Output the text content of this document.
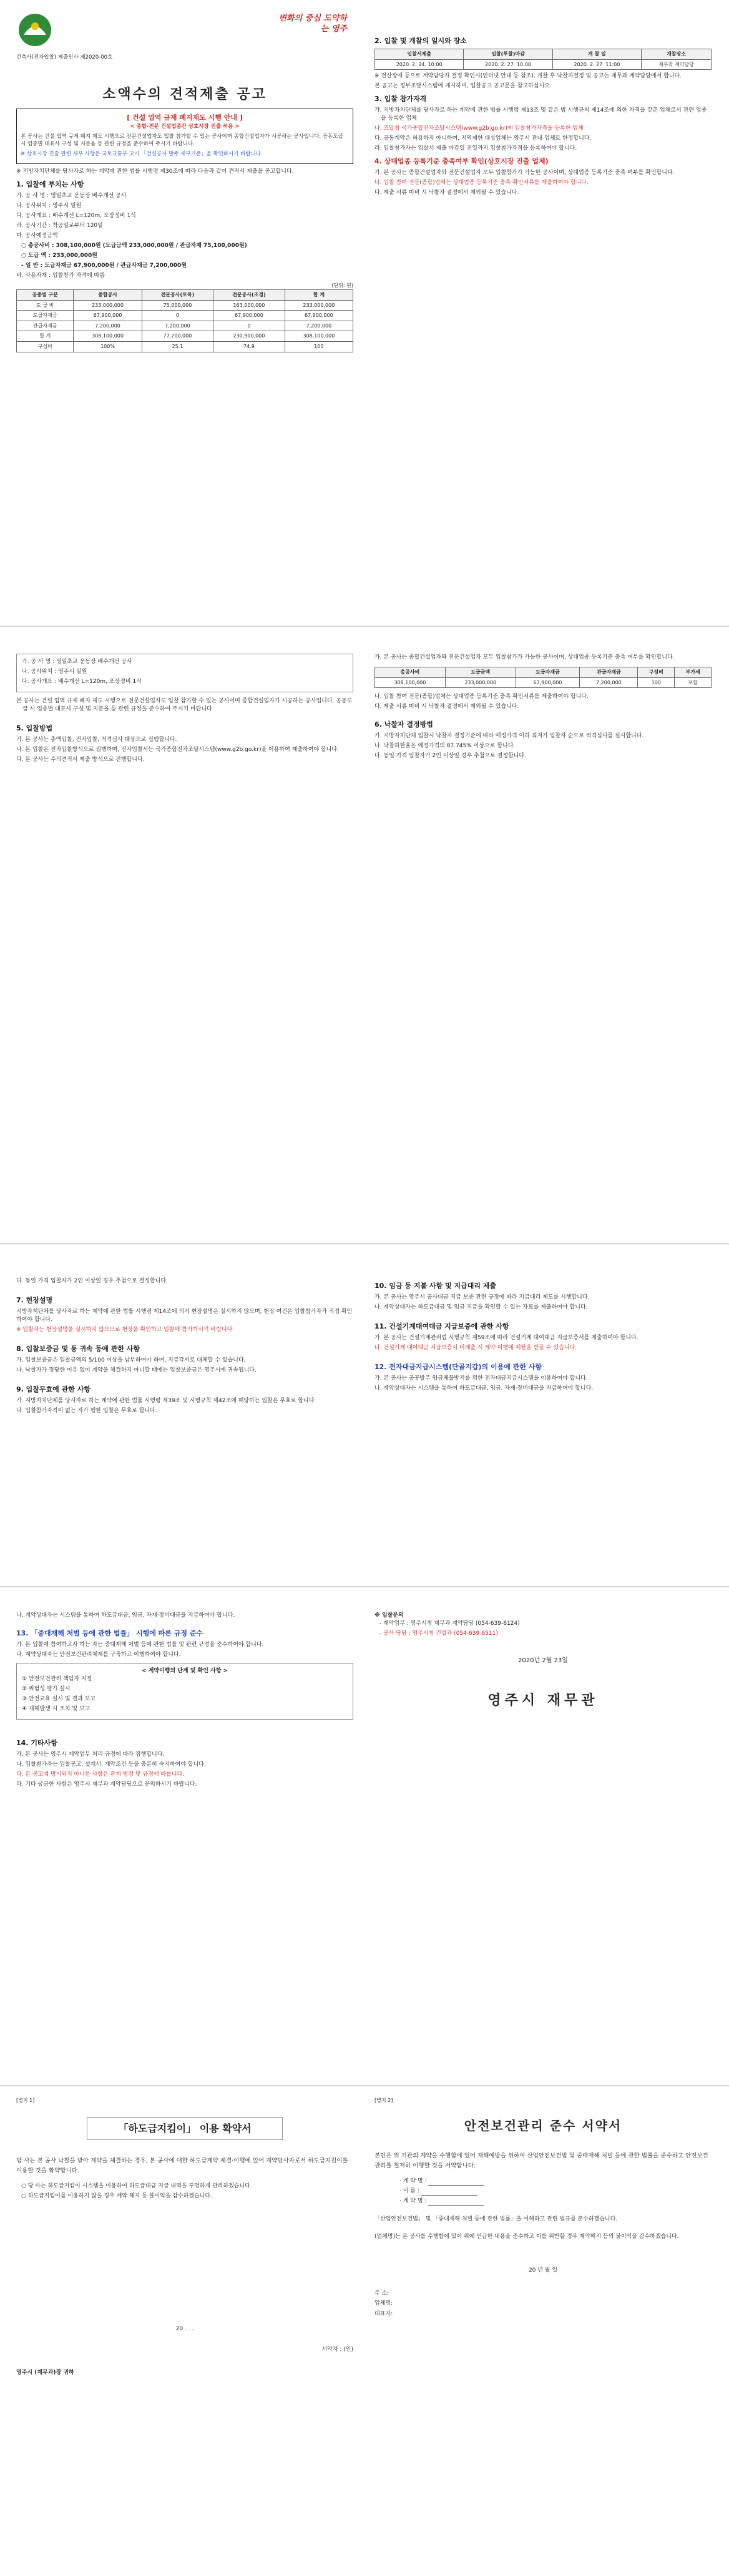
건축사(전자입찰) 제출인사 제2020-00호
변화의 중심 도약하는 영주
소액수의 견적제출 공고
[ 건설 업역 규제 폐지제도 시행 안내 ]
< 종합-전문 건설업종간 상호시장 진출 허용 >

본 공사는 건설 업역 규제 폐지 제도 시행으로 전문건설업자도 입찰 참가할 수 있는 공사이며 종합건설업자가 시공하는 공사입니다. 공동도급 시 업종별 대표사 구성 및 지분율 등 관련 규정을 준수하여 주시기 바랍니다.

※ 상호시장 진출 관련 세부 사항은 국토교통부 고시 「건설공사 발주 세부기준」을 확인하시기 바랍니다.

※ 지방자치단체를 당사자로 하는 계약에 관한 법률 시행령 제30조에 따라 다음과 같이 견적서 제출을 공고합니다.

1. 입찰에 부치는 사항

가. 공 사 명 : 영일초교 운동장 배수개선 공사

나. 공사위치 : 영주시 일원

다. 공사개요 : 배수개선 L=120m, 포장정비 1식

라. 공사기간 : 착공일로부터 120일

마. 공사예정금액

○ 총공사비 : 308,100,000원 (도급금액 233,000,000원 / 관급자재 75,100,000원)

○ 도급 액 : 233,000,000원

- 일 반 : 도급자재금 67,900,000원 / 관급자재금 7,200,000원

바. 사용자재 : 입찰참가 자격에 따름

(단위: 원)
공종별 구분	종합공사	전문공사(토목)	전문공사(조경)	합 계
도 급 비	233,000,000	75,000,000	163,000,000	233,000,000
도급자재금	67,900,000	0	67,900,000	67,900,000
관급자재금	7,200,000	7,200,000	0	7,200,000
합 계	308,100,000	77,200,000	230,900,000	308,100,000
구성비	100%	25.1	74.9	100
2. 입찰 및 개찰의 일시와 장소
입찰서제출	입찰(투찰)마감	개 찰 일	개찰장소
2020. 2. 24. 10:00	2020. 2. 27. 10:00	2020. 2. 27. 11:00	재무과 계약담당

※ 전산장애 등으로 계약담당자 결정 확인시(인터넷 안내 등 참조), 개찰 후 낙찰자결정 및 공고는 재무과 계약담당에서 합니다.

본 공고는 정부조달시스템에 게시하며, 입찰공고 공고문을 참고하십시오.

3. 입찰 참가자격

가. 지방자치단체를 당사자로 하는 계약에 관한 법률 시행령 제13조 및 같은 법 시행규칙 제14조에 의한 자격을 갖춘 업체로서 관련 업종을 등록한 업체

나. 조달청 국가종합전자조달시스템(www.g2b.go.kr)에 입찰참가자격을 등록한 업체

다. 공동계약은 허용하지 아니하며, 지역제한 대상업체는 영주시 관내 업체로 한정합니다.

라. 입찰참가자는 입찰서 제출 마감일 전일까지 입찰참가자격을 등록하여야 합니다.

4. 상대업종 등록기준 충족여부 확인(상호시장 진출 업체)

가. 본 공사는 종합건설업자와 전문건설업자 모두 입찰참가가 가능한 공사이며, 상대업종 등록기준 충족 여부를 확인합니다.

나. 입찰 참여 전문(종합)업체는 상대업종 등록기준 충족 확인서류를 제출하여야 합니다.

다. 제출 서류 미비 시 낙찰자 결정에서 제외될 수 있습니다.

가. 공 사 명 : 영일초교 운동장 배수개선 공사

나. 공사위치 : 영주시 일원

다. 공사개요 : 배수개선 L=120m, 포장정비 1식

본 공사는 건설 업역 규제 폐지 제도 시행으로 전문건설업자도 입찰 참가할 수 있는 공사이며 종합건설업자가 시공하는 공사입니다. 공동도급 시 업종별 대표사 구성 및 지분율 등 관련 규정을 준수하여 주시기 바랍니다.

5. 입찰방법

가. 본 공사는 총액입찰, 전자입찰, 적격심사 대상으로 집행합니다.

나. 본 입찰은 전자입찰방식으로 집행하며, 전자입찰서는 국가종합전자조달시스템(www.g2b.go.kr)을 이용하여 제출하여야 합니다.

다. 본 공사는 수의견적서 제출 방식으로 진행합니다.

가. 본 공사는 종합건설업자와 전문건설업자 모두 입찰참가가 가능한 공사이며, 상대업종 등록기준 충족 여부를 확인합니다.

총공사비	도급금액	도급자재금	관급자재금	구성비	부가세
308,100,000	233,000,000	67,900,000	7,200,000	100	포함

나. 입찰 참여 전문(종합)업체는 상대업종 등록기준 충족 확인서류를 제출하여야 합니다.

다. 제출 서류 미비 시 낙찰자 결정에서 제외될 수 있습니다.

6. 낙찰자 결정방법

가. 지방자치단체 입찰시 낙찰자 결정기준에 따라 예정가격 이하 최저가 입찰자 순으로 적격심사를 실시합니다.

나. 낙찰하한율은 예정가격의 87.745% 이상으로 합니다.

다. 동일 가격 입찰자가 2인 이상일 경우 추첨으로 결정합니다.

다. 동일 가격 입찰자가 2인 이상일 경우 추첨으로 결정합니다.

7. 현장설명

지방자치단체를 당사자로 하는 계약에 관한 법률 시행령 제14조에 의거 현장설명은 실시하지 않으며, 현장 여건은 입찰참가자가 직접 확인하여야 합니다.

※ 입찰자는 현장설명을 실시하지 않으므로 현장을 확인하고 입찰에 참가하시기 바랍니다.

8. 입찰보증금 및 동 귀속 등에 관한 사항

가. 입찰보증금은 입찰금액의 5/100 이상을 납부하여야 하며, 지급각서로 대체할 수 있습니다.

나. 낙찰자가 정당한 이유 없이 계약을 체결하지 아니할 때에는 입찰보증금은 영주시에 귀속됩니다.

9. 입찰무효에 관한 사항

가. 지방자치단체를 당사자로 하는 계약에 관한 법률 시행령 제39조 및 시행규칙 제42조에 해당하는 입찰은 무효로 합니다.

나. 입찰참가자격이 없는 자가 행한 입찰은 무효로 합니다.

10. 임금 등 지불 사항 및 지급대리 제출

가. 본 공사는 영주시 공사대금 지급 보증 관련 규정에 따라 지급대리 제도를 시행합니다.

나. 계약상대자는 하도급대금 및 임금 지급을 확인할 수 있는 자료를 제출하여야 합니다.

11. 건설기계대여대금 지급보증에 관한 사항

가. 본 공사는 건설기계관리법 시행규칙 제59조에 따라 건설기계 대여대금 지급보증서를 제출하여야 합니다.

나. 건설기계 대여대금 지급보증서 미제출 시 계약 이행에 제한을 받을 수 있습니다.

12. 전자대금지급시스템(단골지갑)의 이용에 관한 사항

가. 본 공사는 공공발주 임금체불방지를 위한 전자대금지급시스템을 이용하여야 합니다.

나. 계약상대자는 시스템을 통하여 하도급대금, 임금, 자재·장비대금을 지급하여야 합니다.

나. 계약상대자는 시스템을 통하여 하도급대금, 임금, 자재·장비대금을 지급하여야 합니다.

13. 「중대재해 처벌 등에 관한 법률」 시행에 따른 규정 준수

가. 본 입찰에 참여하고자 하는 자는 중대재해 처벌 등에 관한 법률 및 관련 규정을 준수하여야 합니다.

나. 계약상대자는 안전보건관리체계를 구축하고 이행하여야 합니다.

< 계약이행의 단계 및 확인 사항 >

① 안전보건관리 책임자 지정

② 위험성 평가 실시

③ 안전교육 실시 및 결과 보고

④ 재해발생 시 조치 및 보고

14. 기타사항

가. 본 공사는 영주시 계약업무 처리 규정에 따라 집행합니다.

나. 입찰참가자는 입찰공고, 설계서, 계약조건 등을 충분히 숙지하여야 합니다.

다. 본 공고에 명시되지 아니한 사항은 관계 법령 및 규정에 따릅니다.

라. 기타 궁금한 사항은 영주시 재무과 계약담당으로 문의하시기 바랍니다.

※ 입찰문의

- 계약업무 : 영주시청 재무과 계약담당 (054-639-6124)

- 공사 담당 : 영주시청 건설과 (054-639-6511)

2020년 2월 23일
영주시 재무관
[별지 1]
「하도급지킴이」 이용 확약서

당 사는 본 공사 낙찰을 받아 계약을 체결하는 경우, 본 공사에 대한 하도급계약 체결·이행에 있어 계약당사자로서 하도급지킴이를 이용할 것을 확약합니다.

○ 당 사는 하도급지킴이 시스템을 이용하여 하도급대금 지급 내역을 투명하게 관리하겠습니다.

○ 하도급지킴이를 이용하지 않을 경우 계약 해지 등 불이익을 감수하겠습니다.

20 . . .
서약자 : (인)
영주시 (재무과)장 귀하
[별지 2]
안전보건관리 준수 서약서

본인은 위 기관의 계약을 수행함에 있어 재해예방을 위하여 산업안전보건법 및 중대재해 처벌 등에 관한 법률을 준수하고 안전보건관리를 철저히 이행할 것을 서약합니다.

· 계 약 명 :

· 이 름 :

· 계 약 명 :

「산업안전보건법」 및 「중대재해 처벌 등에 관한 법률」을 이해하고 관련 법규를 준수하겠습니다.

(업체명)는 본 공사를 수행함에 있어 위에 언급한 내용을 준수하고 이를 위반할 경우 계약해지 등의 불이익을 감수하겠습니다.

20 년 월 일

주 소:

업체명:

대표자:
